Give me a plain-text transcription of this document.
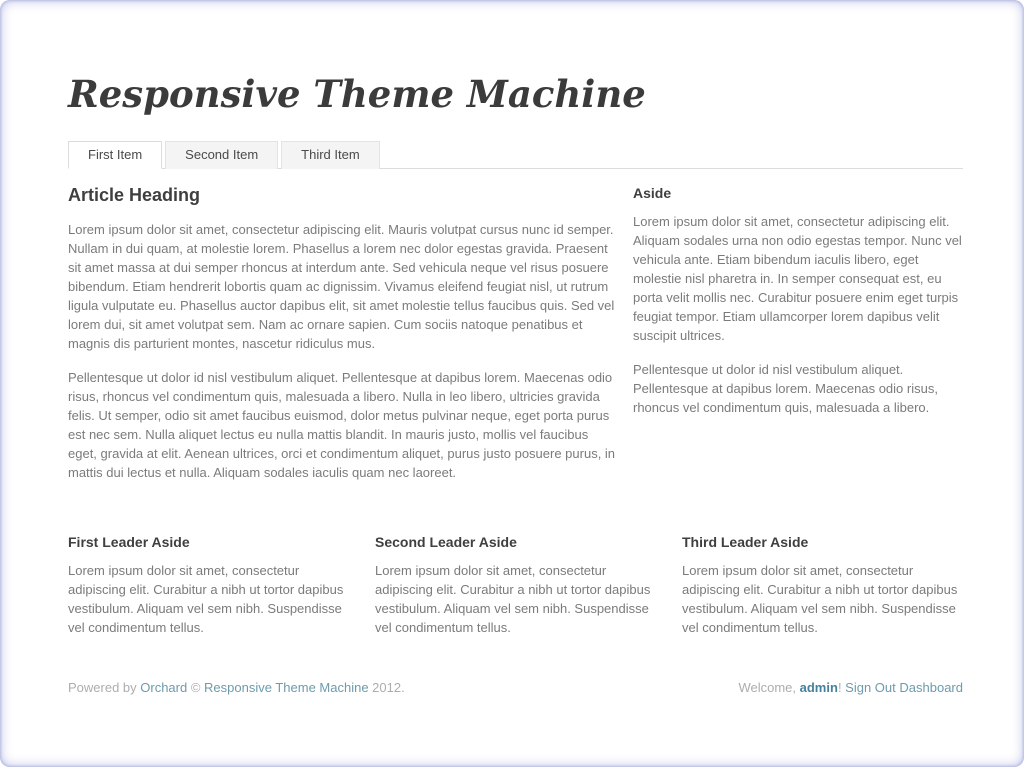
Responsive Theme Machine
First Item	Second Item	Third Item
Article Heading

Lorem ipsum dolor sit amet, consectetur adipiscing elit. Mauris volutpat cursus nunc id semper. Nullam in dui quam, at molestie lorem. Phasellus a lorem nec dolor egestas gravida. Praesent sit amet massa at dui semper rhoncus at interdum ante. Sed vehicula neque vel risus posuere bibendum. Etiam hendrerit lobortis quam ac dignissim. Vivamus eleifend feugiat nisl, ut rutrum ligula vulputate eu. Phasellus auctor dapibus elit, sit amet molestie tellus faucibus quis. Sed vel lorem dui, sit amet volutpat sem. Nam ac ornare sapien. Cum sociis natoque penatibus et magnis dis parturient montes, nascetur ridiculus mus.

Pellentesque ut dolor id nisl vestibulum aliquet. Pellentesque at dapibus lorem. Maecenas odio risus, rhoncus vel condimentum quis, malesuada a libero. Nulla in leo libero, ultricies gravida felis. Ut semper, odio sit amet faucibus euismod, dolor metus pulvinar neque, eget porta purus est nec sem. Nulla aliquet lectus eu nulla mattis blandit. In mauris justo, mollis vel faucibus eget, gravida at elit. Aenean ultrices, orci et condimentum aliquet, purus justo posuere purus, in mattis dui lectus et nulla. Aliquam sodales iaculis quam nec laoreet.

Aside

Lorem ipsum dolor sit amet, consectetur adipiscing elit. Aliquam sodales urna non odio egestas tempor. Nunc vel vehicula ante. Etiam bibendum iaculis libero, eget molestie nisl pharetra in. In semper consequat est, eu porta velit mollis nec. Curabitur posuere enim eget turpis feugiat tempor. Etiam ullamcorper lorem dapibus velit suscipit ultrices.

Pellentesque ut dolor id nisl vestibulum aliquet. Pellentesque at dapibus lorem. Maecenas odio risus, rhoncus vel condimentum quis, malesuada a libero.

First Leader Aside

Lorem ipsum dolor sit amet, consectetur adipiscing elit. Curabitur a nibh ut tortor dapibus vestibulum. Aliquam vel sem nibh. Suspendisse vel condimentum tellus.

Second Leader Aside

Lorem ipsum dolor sit amet, consectetur adipiscing elit. Curabitur a nibh ut tortor dapibus vestibulum. Aliquam vel sem nibh. Suspendisse vel condimentum tellus.

Third Leader Aside

Lorem ipsum dolor sit amet, consectetur adipiscing elit. Curabitur a nibh ut tortor dapibus vestibulum. Aliquam vel sem nibh. Suspendisse vel condimentum tellus.

Powered by Orchard © Responsive Theme Machine 2012.	Welcome, admin! Sign Out Dashboard
